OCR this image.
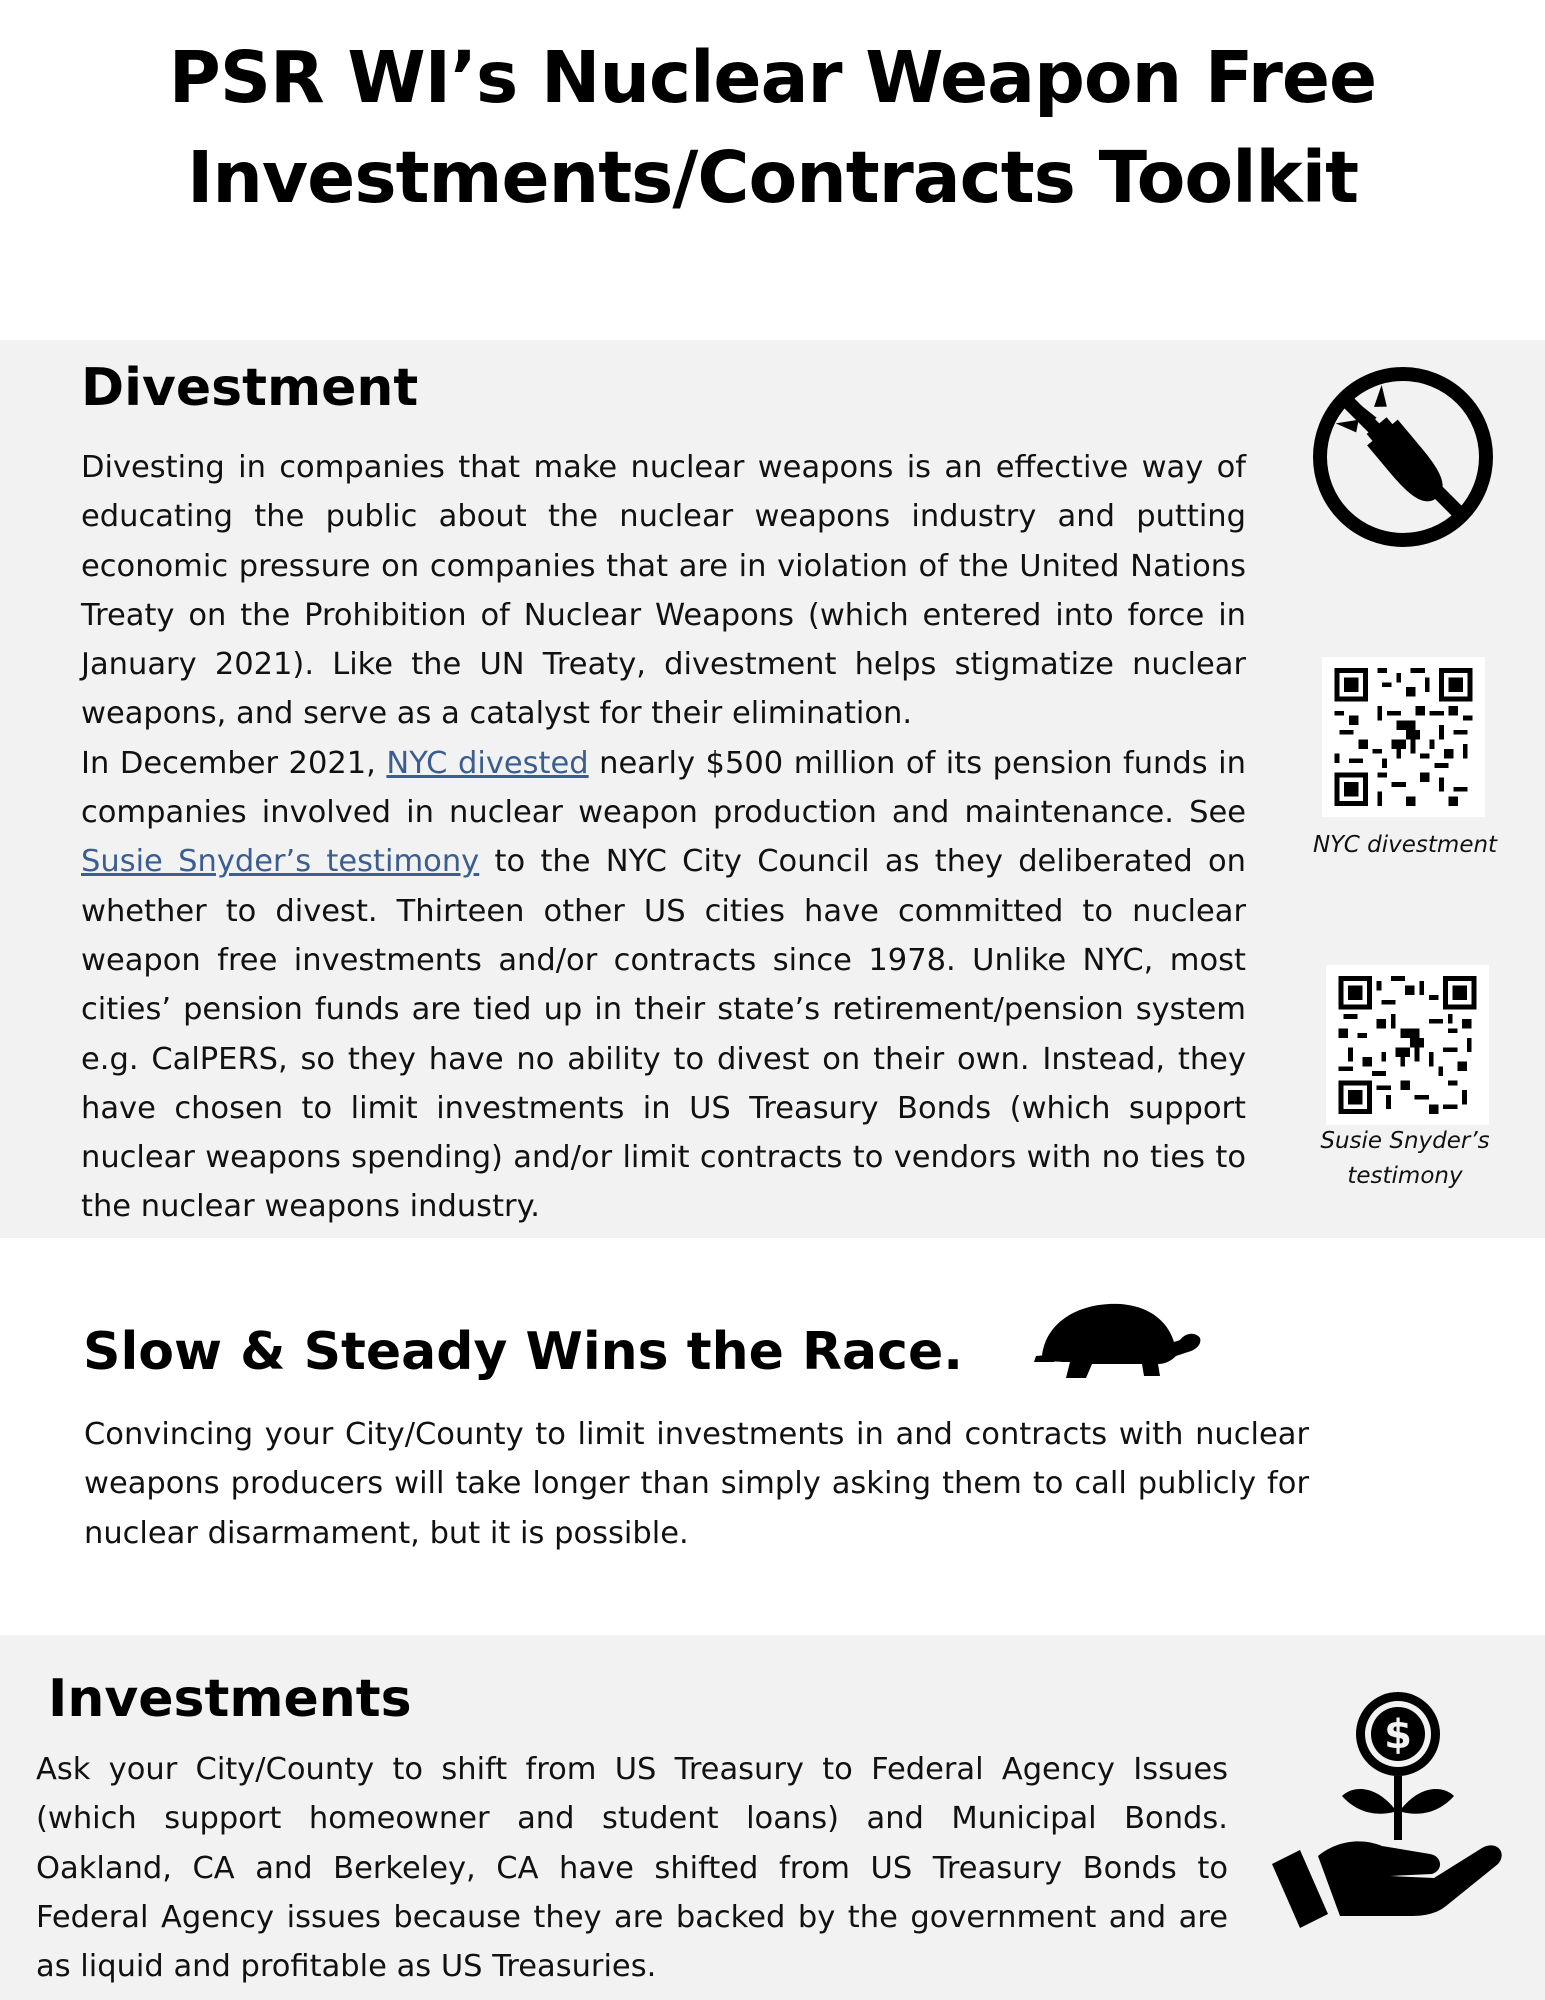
PSR WI’s Nuclear Weapon Free
Investments/Contracts Toolkit
Divestment

Divesting in companies that make nuclear weapons is an effective way of educating the public about the nuclear weapons industry and putting economic pressure on companies that are in violation of the United Nations Treaty on the Prohibition of Nuclear Weapons (which entered into force in January 2021). Like the UN Treaty, divestment helps stigmatize nuclear weapons, and serve as a catalyst for their elimination.

In December 2021, NYC divested nearly $500 million of its pension funds in companies involved in nuclear weapon production and maintenance. See Susie Snyder’s testimony to the NYC City Council as they deliberated on whether to divest. Thirteen other US cities have committed to nuclear weapon free investments and/or contracts since 1978. Unlike NYC, most cities’ pension funds are tied up in their state’s retirement/pension system e.g. CalPERS, so they have no ability to divest on their own. Instead, they have chosen to limit investments in US Treasury Bonds (which support nuclear weapons spending) and/or limit contracts to vendors with no ties to the nuclear weapons industry.

NYC divestment
Susie Snyder’s
testimony
Slow & Steady Wins the Race.
Convincing your City/County to limit investments in and contracts with nuclear weapons producers will take longer than simply asking them to call publicly for nuclear disarmament, but it is possible.
Investments
Ask your City/County to shift from US Treasury to Federal Agency Issues (which support homeowner and student loans) and Municipal Bonds. Oakland, CA and Berkeley, CA have shifted from US Treasury Bonds to Federal Agency issues because they are backed by the government and are as liquid and profitable as US Treasuries.
$
